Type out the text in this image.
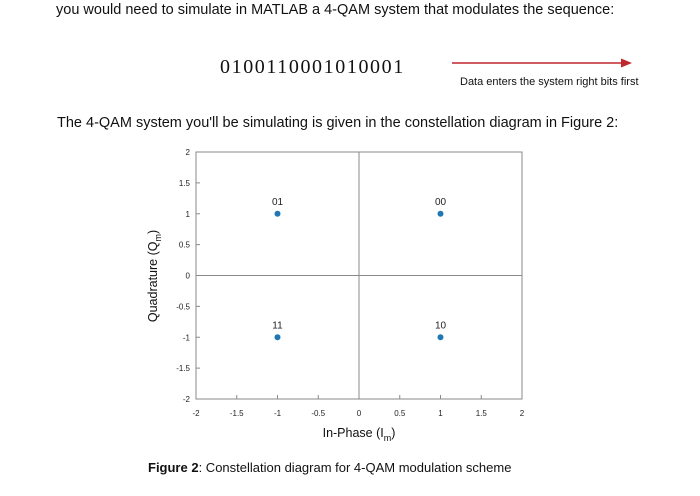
you would need to simulate in MATLAB a 4-QAM system that modulates the sequence:
0100110001010001
Data enters the system right bits first
The 4-QAM system you'll be simulating is given in the constellation diagram in Figure 2:
Figure 2: Constellation diagram for 4-QAM modulation scheme
-2	-1.5	-1	-0.5	0	0.5	1	1.5	2
2
1.5
1
0.5
0
-0.5
-1
-1.5
-2
01	00
11	10
In-Phase $(I_m)$
Quadrature $(Q_m)$
